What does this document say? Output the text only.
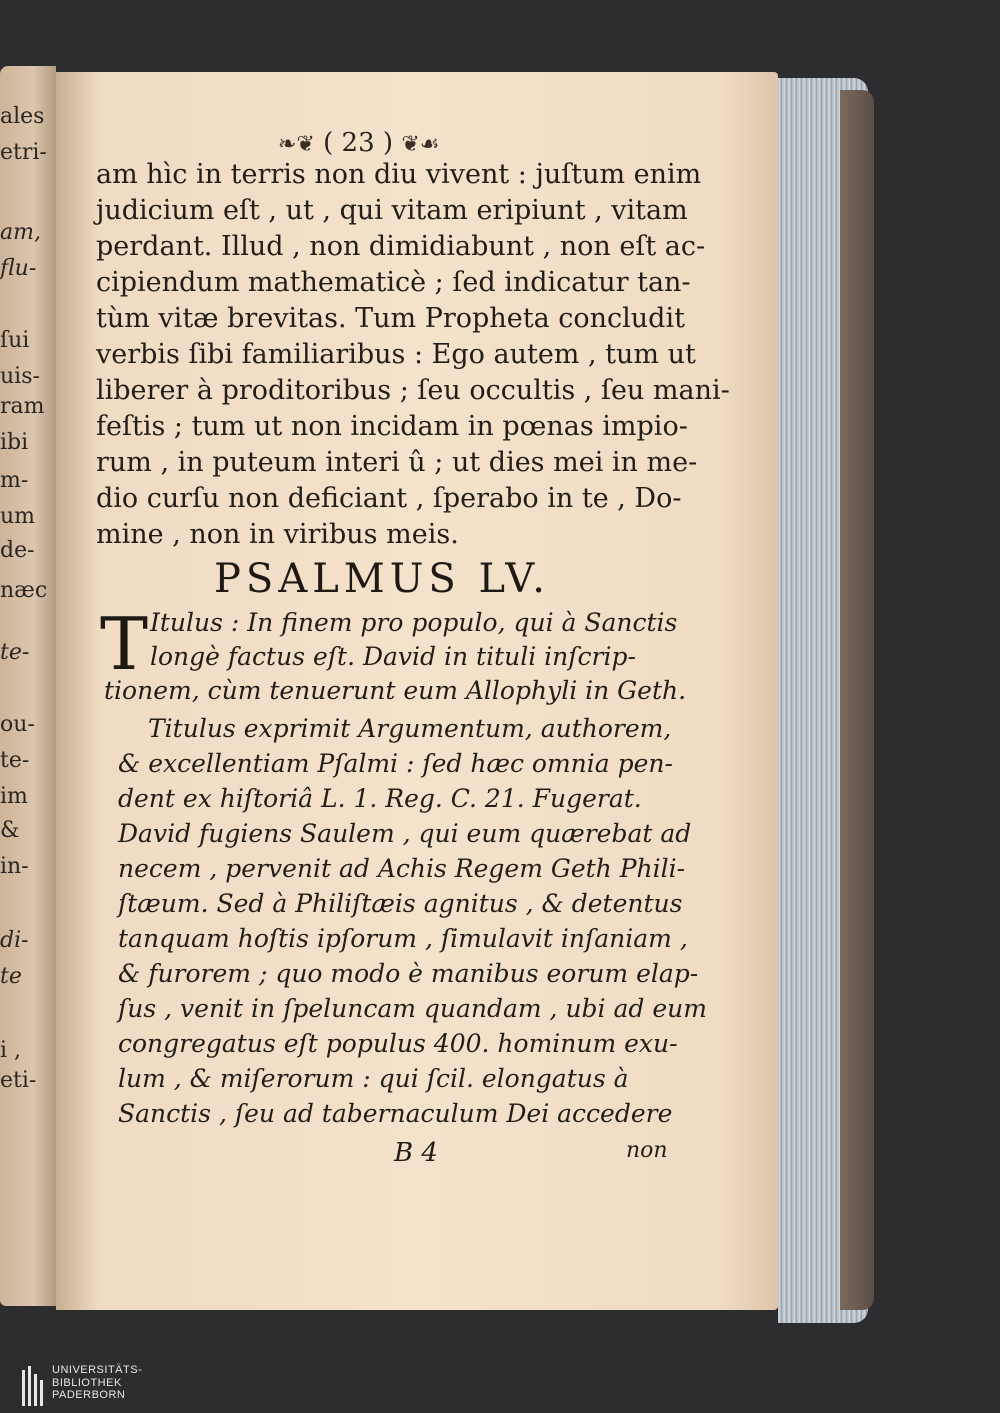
ales
etri-
am,
flu-
ſui
uis-
ram
ibi
m-
um
de-
næc
te-
ou-
te-
im
&
in-
di-
te
i ,
eti-
❧❦ ( 23 ) ❦☙
am hìc in terris non diu vivent : juſtum enim
judicium eſt , ut , qui vitam eripiunt , vitam
perdant. Illud , non dimidiabunt , non eſt ac-
cipiendum mathematicè ; ſed indicatur tan-
tùm vitæ brevitas. Tum Propheta concludit
verbis ſibi familiaribus : Ego autem , tum ut
liberer à proditoribus ; ſeu occultis , ſeu mani-
feſtis ; tum ut non incidam in pœnas impio-
rum , in puteum interi û ; ut dies mei in me-
dio curſu non deficiant , ſperabo in te , Do-
mine , non in viribus meis.
PSALMUS LV.
T Itulus : In finem pro populo, qui à Sanctis
longè factus eſt. David in tituli inſcrip-
tionem, cùm tenuerunt eum Allophyli in Geth.
Titulus exprimit Argumentum, authorem,
& excellentiam Pſalmi : ſed hæc omnia pen-
dent ex hiſtoriâ L. 1. Reg. C. 21. Fugerat.
David fugiens Saulem , qui eum quærebat ad
necem , pervenit ad Achis Regem Geth Phili-
ſtæum. Sed à Philiſtæis agnitus , & detentus
tanquam hoſtis ipſorum , ſimulavit inſaniam ,
& furorem ; quo modo è manibus eorum elap-
ſus , venit in ſpeluncam quandam , ubi ad eum
congregatus eſt populus 400. hominum exu-
lum , & miſerorum : qui ſcil. elongatus à
Sanctis , ſeu ad tabernaculum Dei accedere
B 4	non
UNIVERSITÄTS-
BIBLIOTHEK
PADERBORN
